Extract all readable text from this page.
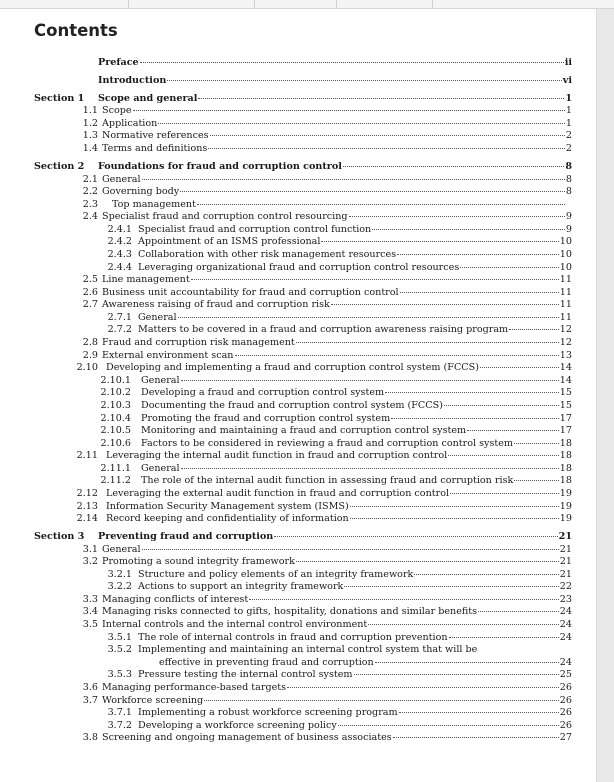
Contents
Preface	ii
Introduction	vi
Section 1	Scope and general	1
1.1 Scope	1
1.2 Application	1
1.3 Normative references	2
1.4 Terms and definitions	2
Section 2	Foundations for fraud and corruption control	8
2.1 General	8
2.2 Governing body	8
2.3 Top management
2.4 Specialist fraud and corruption control resourcing	9
2.4.1 Specialist fraud and corruption control function	9
2.4.2 Appointment of an ISMS professional	10
2.4.3 Collaboration with other risk management resources	10
2.4.4 Leveraging organizational fraud and corruption control resources	10
2.5 Line management	11
2.6 Business unit accountability for fraud and corruption control	11
2.7 Awareness raising of fraud and corruption risk	11
2.7.1 General	11
2.7.2 Matters to be covered in a fraud and corruption awareness raising program	12
2.8 Fraud and corruption risk management	12
2.9 External environment scan	13
2.10 Developing and implementing a fraud and corruption control system (FCCS)	14
2.10.1 General	14
2.10.2 Developing a fraud and corruption control system	15
2.10.3 Documenting the fraud and corruption control system (FCCS)	15
2.10.4 Promoting the fraud and corruption control system	17
2.10.5 Monitoring and maintaining a fraud and corruption control system	17
2.10.6 Factors to be considered in reviewing a fraud and corruption control system	18
2.11 Leveraging the internal audit function in fraud and corruption control	18
2.11.1 General	18
2.11.2 The role of the internal audit function in assessing fraud and corruption risk	18
2.12 Leveraging the external audit function in fraud and corruption control	19
2.13 Information Security Management system (ISMS)	19
2.14 Record keeping and confidentiality of information	19
Section 3	Preventing fraud and corruption	21
3.1 General	21
3.2 Promoting a sound integrity framework	21
3.2.1 Structure and policy elements of an integrity framework	21
3.2.2 Actions to support an integrity framework	22
3.3 Managing conflicts of interest	23
3.4 Managing risks connected to gifts, hospitality, donations and similar benefits	24
3.5 Internal controls and the internal control environment	24
3.5.1 The role of internal controls in fraud and corruption prevention	24
3.5.2 Implementing and maintaining an internal control system that will be
effective in preventing fraud and corruption	24
3.5.3 Pressure testing the internal control system	25
3.6 Managing performance-based targets	26
3.7 Workforce screening	26
3.7.1 Implementing a robust workforce screening program	26
3.7.2 Developing a workforce screening policy	26
3.8 Screening and ongoing management of business associates	27
